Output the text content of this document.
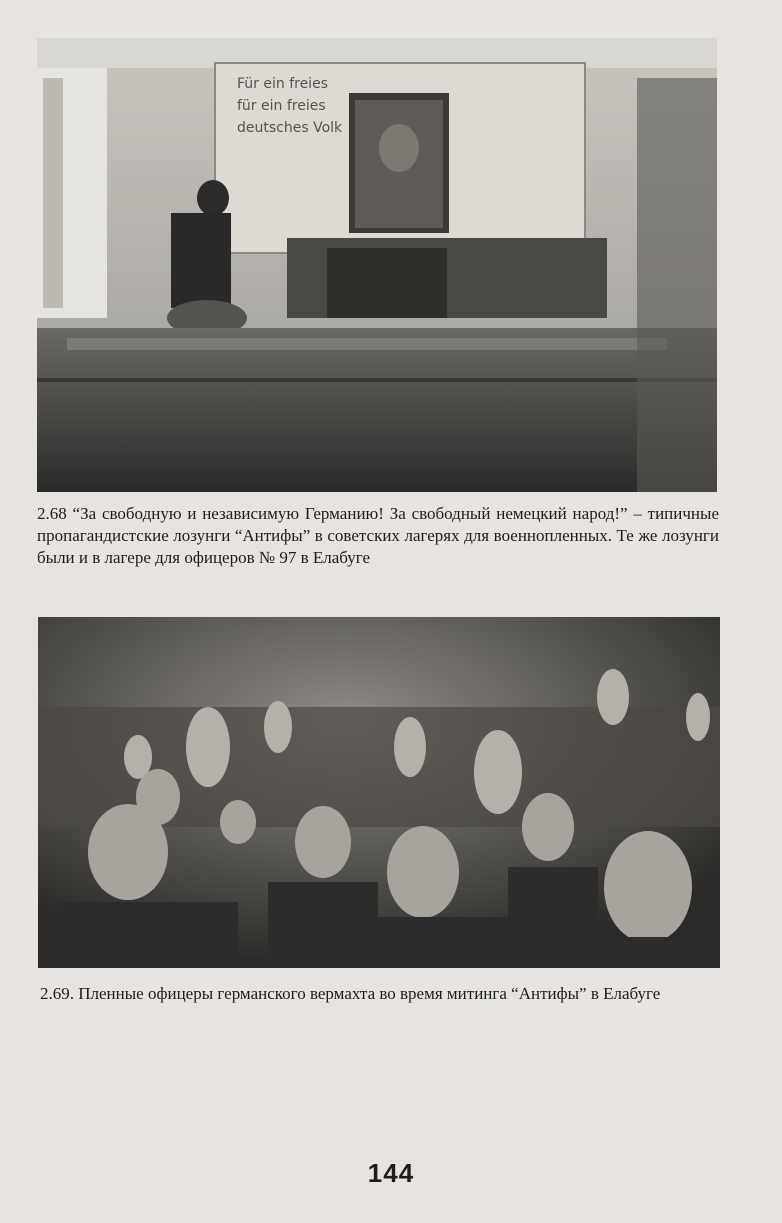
Für ein freies
für ein freies
deutsches Volk
2.68 “За свободную и независимую Германию! За свободный немецкий народ!” – типичные пропагандистские лозунги “Антифы” в советских лагерях для военнопленных. Те же лозунги были и в лагере для офицеров № 97 в Елабуге
2.69. Пленные офицеры германского вермахта во время митинга “Антифы” в Елабуге
144
